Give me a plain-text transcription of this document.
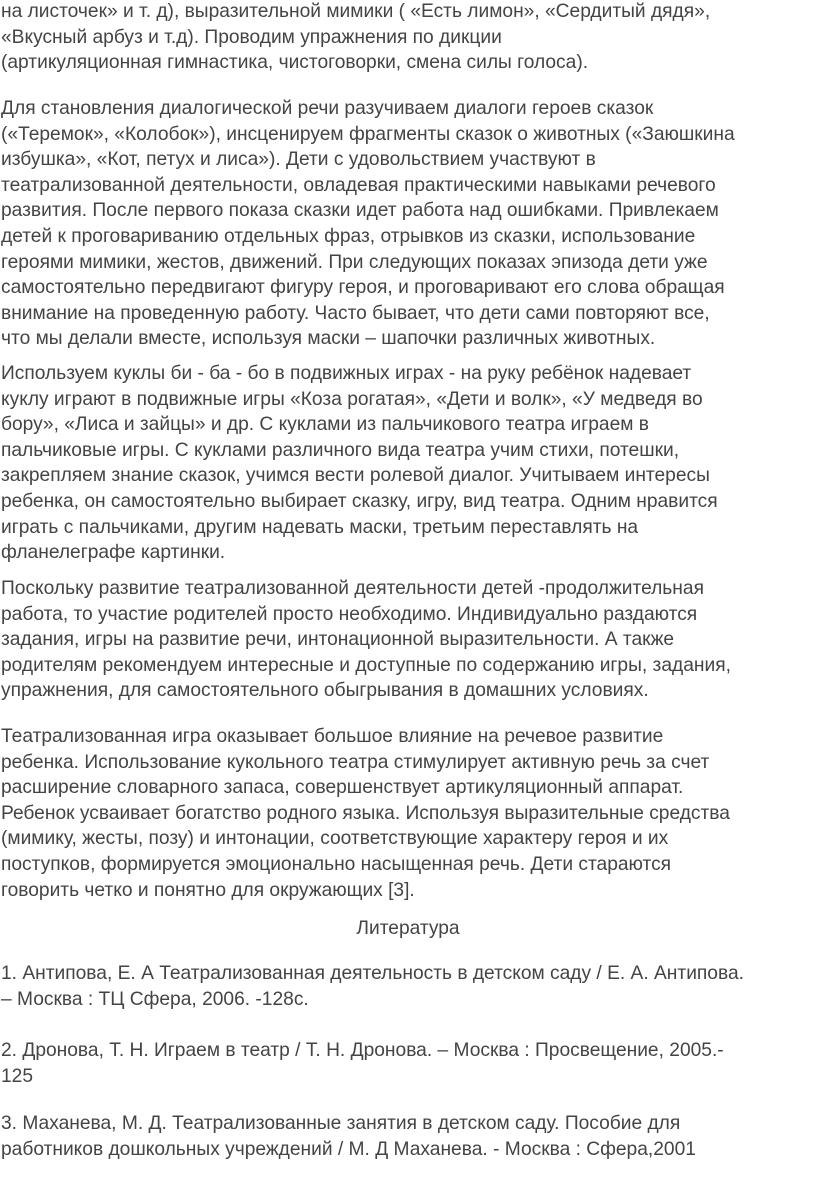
на листочек» и т. д), выразительной мимики ( «Есть лимон», «Сердитый дядя»,
«Вкусный арбуз и т.д). Проводим упражнения по дикции
(артикуляционная гимнастика, чистоговорки, смена силы голоса).

Для становления диалогической речи разучиваем диалоги героев сказок
(«Теремок», «Колобок»), инсценируем фрагменты сказок о животных («Заюшкина
избушка», «Кот, петух и лиса»). Дети с удовольствием участвуют в
театрализованной деятельности, овладевая практическими навыками речевого
развития. После первого показа сказки идет работа над ошибками. Привлекаем
детей к проговариванию отдельных фраз, отрывков из сказки, использование
героями мимики, жестов, движений. При следующих показах эпизода дети уже
самостоятельно передвигают фигуру героя, и проговаривают его слова обращая
внимание на проведенную работу. Часто бывает, что дети сами повторяют все,
что мы делали вместе, используя маски – шапочки различных животных.

Используем куклы би - ба - бо в подвижных играх - на руку ребёнок надевает
куклу играют в подвижные игры «Коза рогатая», «Дети и волк», «У медведя во
бору», «Лиса и зайцы» и др. С куклами из пальчикового театра играем в
пальчиковые игры. С куклами различного вида театра учим стихи, потешки,
закрепляем знание сказок, учимся вести ролевой диалог. Учитываем интересы
ребенка, он самостоятельно выбирает сказку, игру, вид театра. Одним нравится
играть с пальчиками, другим надевать маски, третьим переставлять на
фланелеграфе картинки.

Поскольку развитие театрализованной деятельности детей -продолжительная
работа, то участие родителей просто необходимо. Индивидуально раздаются
задания, игры на развитие речи, интонационной выразительности. А также
родителям рекомендуем интересные и доступные по содержанию игры, задания,
упражнения, для самостоятельного обыгрывания в домашних условиях.

Театрализованная игра оказывает большое влияние на речевое развитие
ребенка. Использование кукольного театра стимулирует активную речь за счет
расширение словарного запаса, совершенствует артикуляционный аппарат.
Ребенок усваивает богатство родного языка. Используя выразительные средства
(мимику, жесты, позу) и интонации, соответствующие характеру героя и их
поступков, формируется эмоционально насыщенная речь. Дети стараются
говорить четко и понятно для окружающих [3].

Литература

1. Антипова, Е. А Театрализованная деятельность в детском саду / Е. А. Антипова.
– Москва : ТЦ Сфера, 2006. -128с.

2. Дронова, Т. Н. Играем в театр / Т. Н. Дронова. – Москва : Просвещение, 2005.-
125

3. Маханева, М. Д. Театрализованные занятия в детском саду. Пособие для
работников дошкольных учреждений / М. Д Маханева. - Москва : Сфера,2001
